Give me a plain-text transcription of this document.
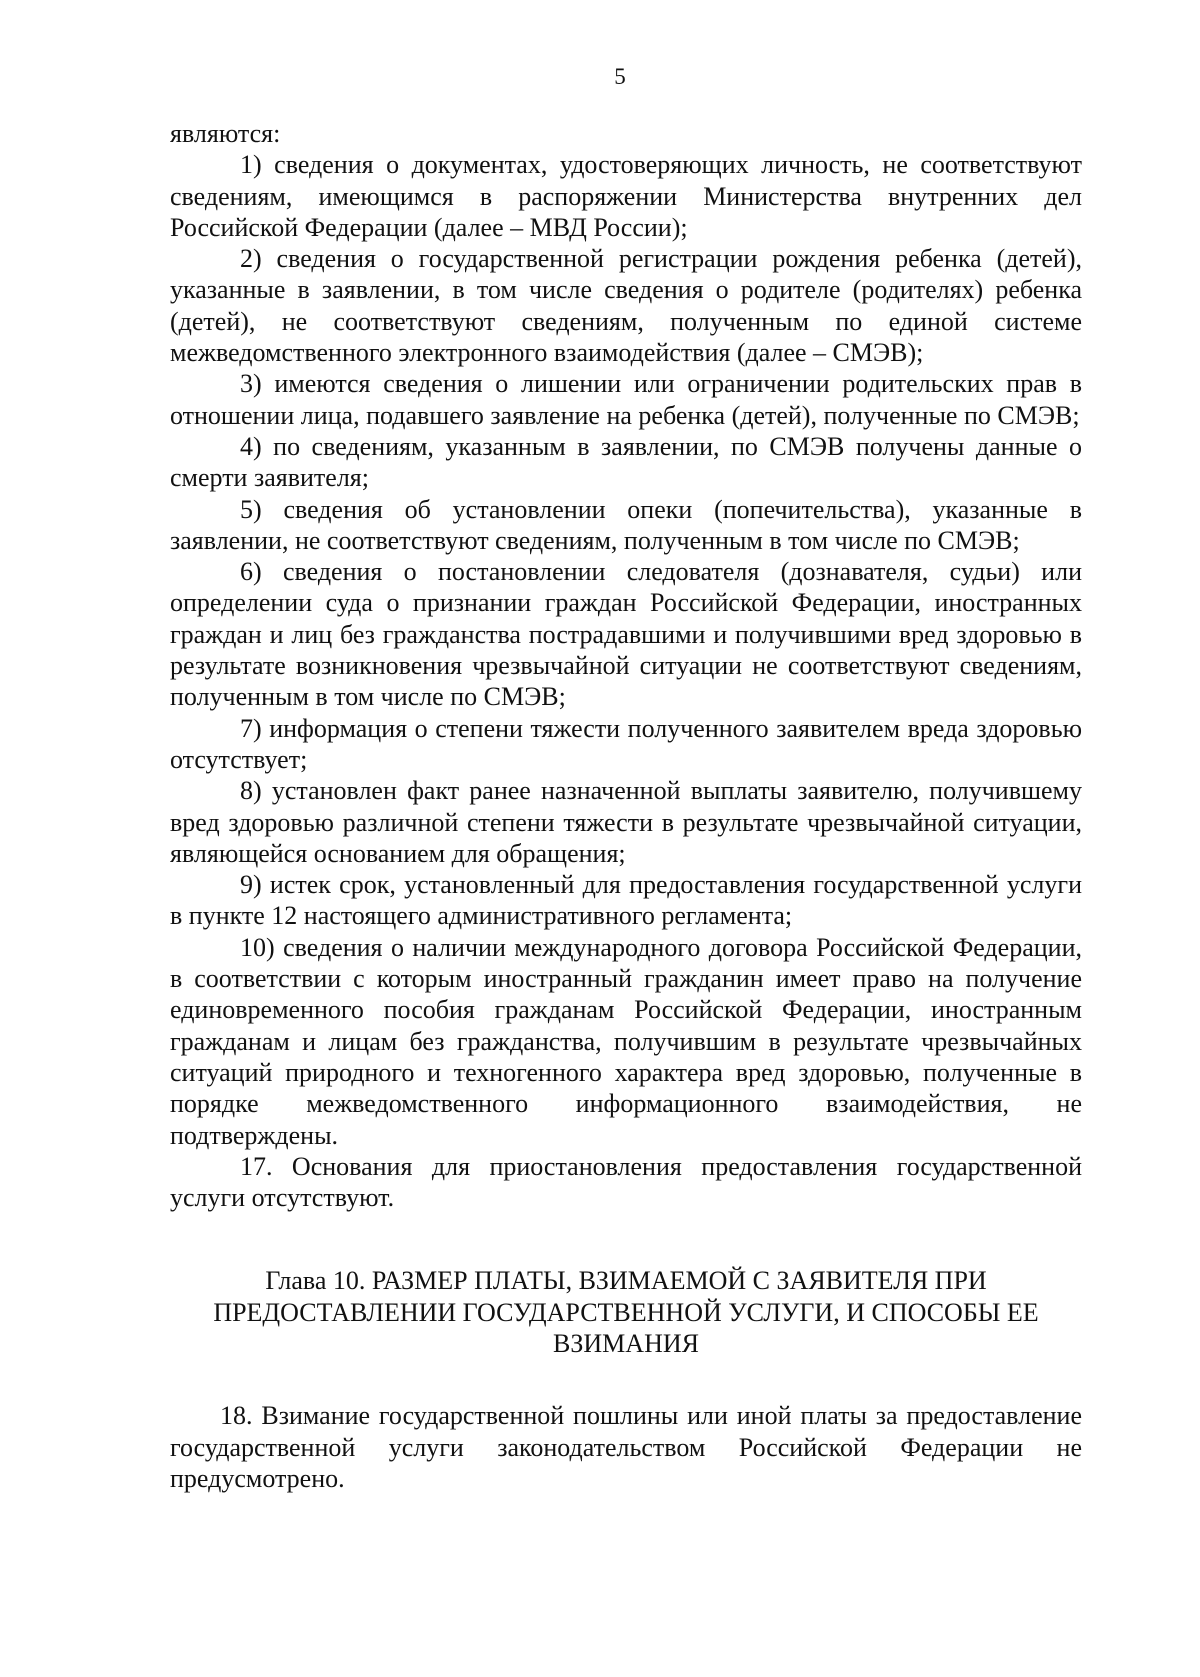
5

являются:

1) сведения о документах, удостоверяющих личность, не соответствуют сведениям, имеющимся в распоряжении Министерства внутренних дел Российской Федерации (далее – МВД России);

2) сведения о государственной регистрации рождения ребенка (детей), указанные в заявлении, в том числе сведения о родителе (родителях) ребенка (детей), не соответствуют сведениям, полученным по единой системе межведомственного электронного взаимодействия (далее – СМЭВ);

3) имеются сведения о лишении или ограничении родительских прав в отношении лица, подавшего заявление на ребенка (детей), полученные по СМЭВ;

4) по сведениям, указанным в заявлении, по СМЭВ получены данные о смерти заявителя;

5) сведения об установлении опеки (попечительства), указанные в заявлении, не соответствуют сведениям, полученным в том числе по СМЭВ;

6) сведения о постановлении следователя (дознавателя, судьи) или определении суда о признании граждан Российской Федерации, иностранных граждан и лиц без гражданства пострадавшими и получившими вред здоровью в результате возникновения чрезвычайной ситуации не соответствуют сведениям, полученным в том числе по СМЭВ;

7) информация о степени тяжести полученного заявителем вреда здоровью отсутствует;

8) установлен факт ранее назначенной выплаты заявителю, получившему вред здоровью различной степени тяжести в результате чрезвычайной ситуации, являющейся основанием для обращения;

9) истек срок, установленный для предоставления государственной услуги в пункте 12 настоящего административного регламента;

10) сведения о наличии международного договора Российской Федерации, в соответствии с которым иностранный гражданин имеет право на получение единовременного пособия гражданам Российской Федерации, иностранным гражданам и лицам без гражданства, получившим в результате чрезвычайных ситуаций природного и техногенного характера вред здоровью, полученные в порядке межведомственного информационного взаимодействия, не подтверждены.

17. Основания для приостановления предоставления государственной услуги отсутствуют.

Глава 10. РАЗМЕР ПЛАТЫ, ВЗИМАЕМОЙ С ЗАЯВИТЕЛЯ ПРИ
ПРЕДОСТАВЛЕНИИ ГОСУДАРСТВЕННОЙ УСЛУГИ, И СПОСОБЫ ЕЕ
ВЗИМАНИЯ

18. Взимание государственной пошлины или иной платы за предоставление государственной услуги законодательством Российской Федерации не предусмотрено.
